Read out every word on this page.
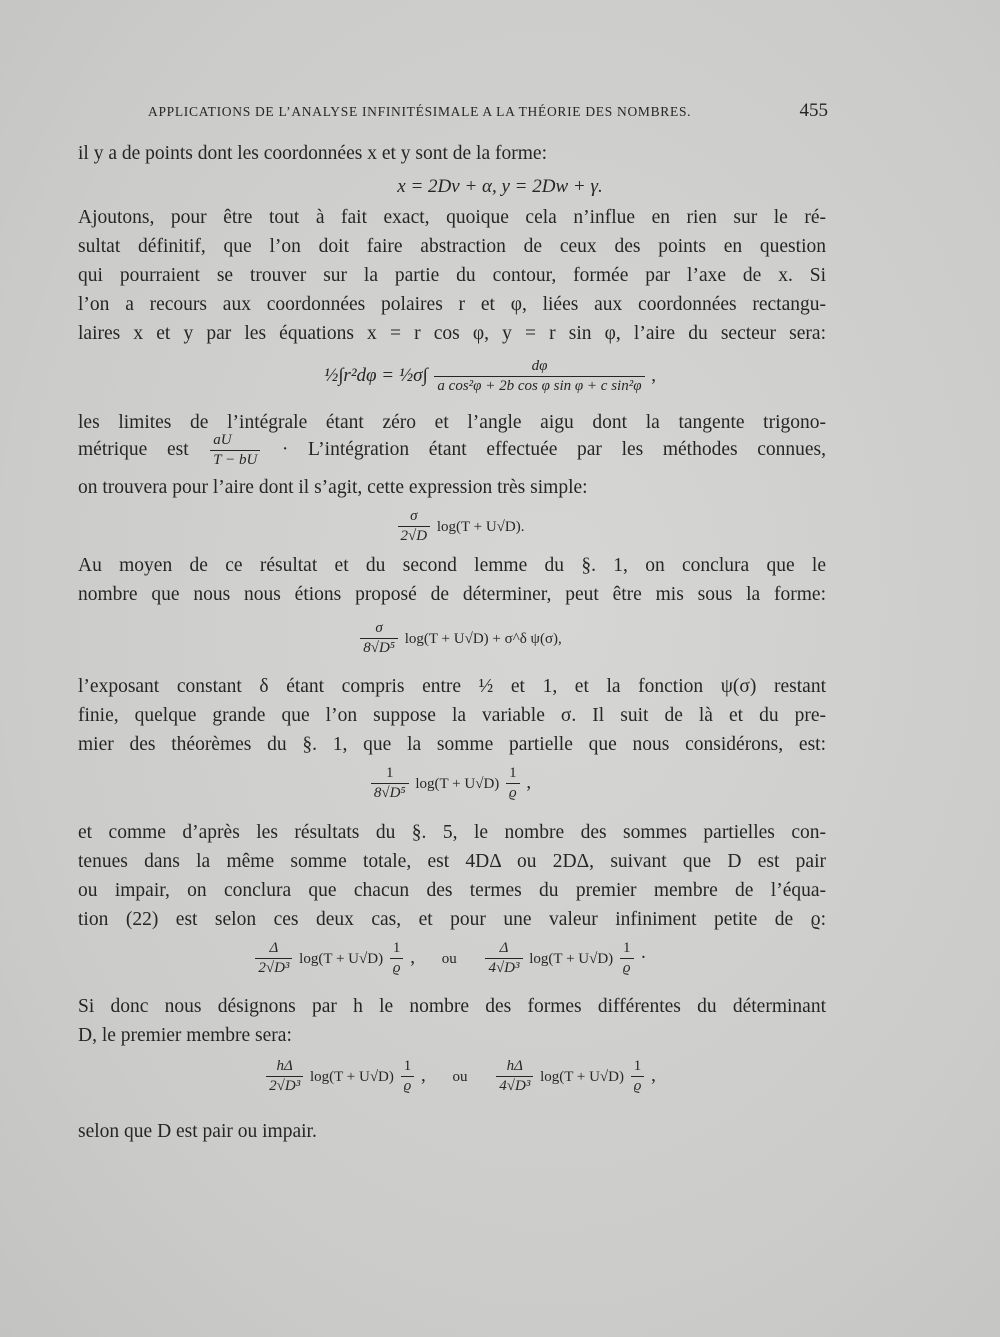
APPLICATIONS DE L’ANALYSE INFINITÉSIMALE A LA THÉORIE DES NOMBRES.	455
il y a de points dont les coordonnées x et y sont de la forme:
x = 2Dv + α, y = 2Dw + γ.
Ajoutons, pour être tout à fait exact, quoique cela n’influe en rien sur le ré-
sultat définitif, que l’on doit faire abstraction de ceux des points en question
qui pourraient se trouver sur la partie du contour, formée par l’axe de x. Si
l’on a recours aux coordonnées polaires r et φ, liées aux coordonnées rectangu-
laires x et y par les équations x = r cos φ, y = r sin φ, l’aire du secteur sera:
½∫r²dφ = ½σ∫ $\frac{d\varphi}{\text{a cos²φ + 2b cos φ sin φ + c sin²φ}}$ ,
les limites de l’intégrale étant zéro et l’angle aigu dont la tangente trigono-
métrique est $\frac{aU}{T - bU}$ · L’intégration étant effectuée par les méthodes connues,
on trouvera pour l’aire dont il s’agit, cette expression très simple:
$\frac{\sigma}{2√D} \log(T + U√D)$.
Au moyen de ce résultat et du second lemme du §. 1, on conclura que le
nombre que nous nous étions proposé de déterminer, peut être mis sous la forme:
$\frac{\sigma}{\text{8√D⁵}} \log(T + U√D)$ + σ^δ ψ(σ),
l’exposant constant δ étant compris entre ½ et 1, et la fonction ψ(σ) restant
finie, quelque grande que l’on suppose la variable σ. Il suit de là et du pre-
mier des théorèmes du §. 1, que la somme partielle que nous considérons, est:
$\frac{1}{\text{8√D⁵}} \log(T + U√D) \frac{1}{ϱ}$ ,
et comme d’après les résultats du §. 5, le nombre des sommes partielles con-
tenues dans la même somme totale, est 4DΔ ou 2DΔ, suivant que D est pair
ou impair, on conclura que chacun des termes du premier membre de l’équa-
tion (22) est selon ces deux cas, et pour une valeur infiniment petite de ϱ:
$\frac{\Delta}{\text{2√D³}} \log(T + U√D) \frac{1}{ϱ}$ , ou $\frac{\Delta}{\text{4√D³}} \log(T + U√D) \frac{1}{ϱ}$ ·
Si donc nous désignons par h le nombre des formes différentes du déterminant
D, le premier membre sera:
$\frac{h\Delta}{\text{2√D³}} \log(T + U√D) \frac{1}{ϱ}$ , ou $\frac{h\Delta}{\text{4√D³}} \log(T + U√D) \frac{1}{ϱ}$ ,
selon que D est pair ou impair.
